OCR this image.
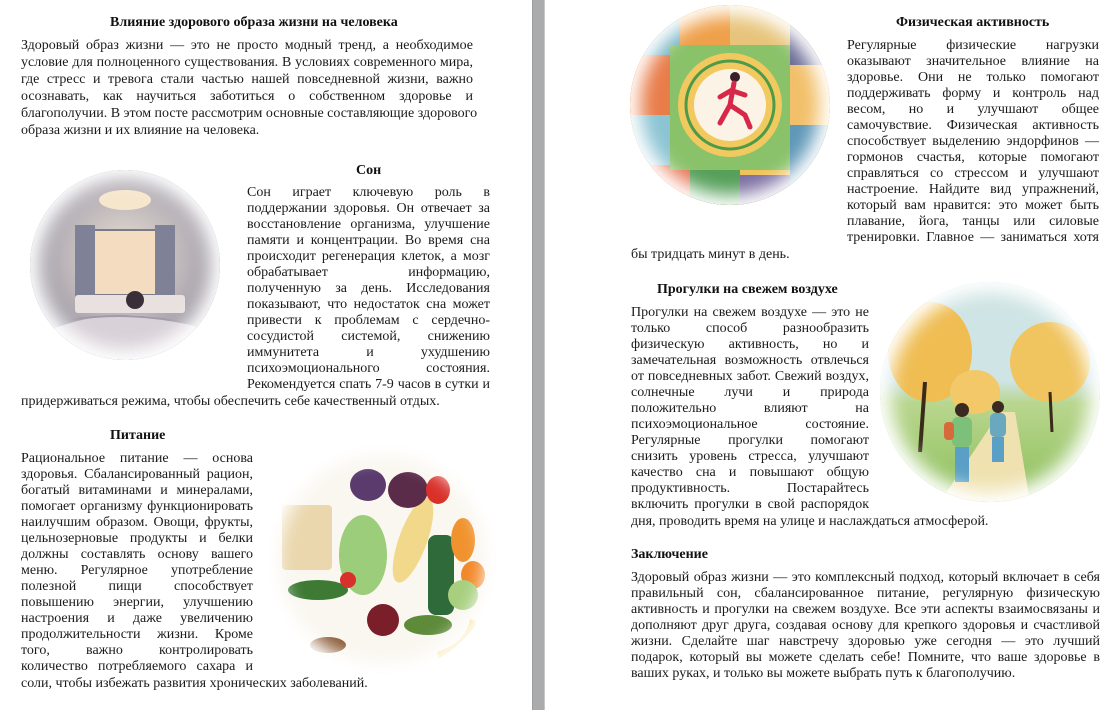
Влияние здорового образа жизни на человека
Здоровый образ жизни — это не просто модный тренд, а необходимое
условие для полноценного существования. В условиях современного мира,
где стресс и тревога стали частью нашей повседневной жизни, важно
осознавать, как научиться заботиться о собственном здоровье и
благополучии. В этом посте рассмотрим основные составляющие здорового
образа жизни и их влияние на человека.
Сон
Сон играет ключевую роль в
поддержании здоровья. Он отвечает за
восстановление организма, улучшение
памяти и концентрации. Во время сна
происходит регенерация клеток, а мозг
обрабатывает информацию,
полученную за день. Исследования
показывают, что недостаток сна может
привести к проблемам с сердечно-
сосудистой системой, снижению
иммунитета и ухудшению
психоэмоционального состояния.
Рекомендуется спать 7-9 часов в сутки и
придерживаться режима, чтобы обеспечить себе качественный отдых.
Питание
Рациональное питание — основа
здоровья. Сбалансированный рацион,
богатый витаминами и минералами,
помогает организму функционировать
наилучшим образом. Овощи, фрукты,
цельнозерновые продукты и белки
должны составлять основу вашего
меню. Регулярное употребление
полезной пищи способствует
повышению энергии, улучшению
настроения и даже увеличению
продолжительности жизни. Кроме
того, важно контролировать
количество потребляемого сахара и
соли, чтобы избежать развития хронических заболеваний.
Физическая активность
Регулярные физические нагрузки
оказывают значительное влияние на
здоровье. Они не только помогают
поддерживать форму и контроль над
весом, но и улучшают общее
самочувствие. Физическая активность
способствует выделению эндорфинов —
гормонов счастья, которые помогают
справляться со стрессом и улучшают
настроение. Найдите вид упражнений,
который вам нравится: это может быть
плавание, йога, танцы или силовые
тренировки. Главное — заниматься хотя
бы тридцать минут в день.
Прогулки на свежем воздухе
Прогулки на свежем воздухе — это не
только способ разнообразить
физическую активность, но и
замечательная возможность отвлечься
от повседневных забот. Свежий воздух,
солнечные лучи и природа
положительно влияют на
психоэмоциональное состояние.
Регулярные прогулки помогают
снизить уровень стресса, улучшают
качество сна и повышают общую
продуктивность. Постарайтесь
включить прогулки в свой распорядок
дня, проводить время на улице и наслаждаться атмосферой.
Заключение
Здоровый образ жизни — это комплексный подход, который включает в себя
правильный сон, сбалансированное питание, регулярную физическую
активность и прогулки на свежем воздухе. Все эти аспекты взаимосвязаны и
дополняют друг друга, создавая основу для крепкого здоровья и счастливой
жизни. Сделайте шаг навстречу здоровью уже сегодня — это лучший
подарок, который вы можете сделать себе! Помните, что ваше здоровье в
ваших руках, и только вы можете выбрать путь к благополучию.
